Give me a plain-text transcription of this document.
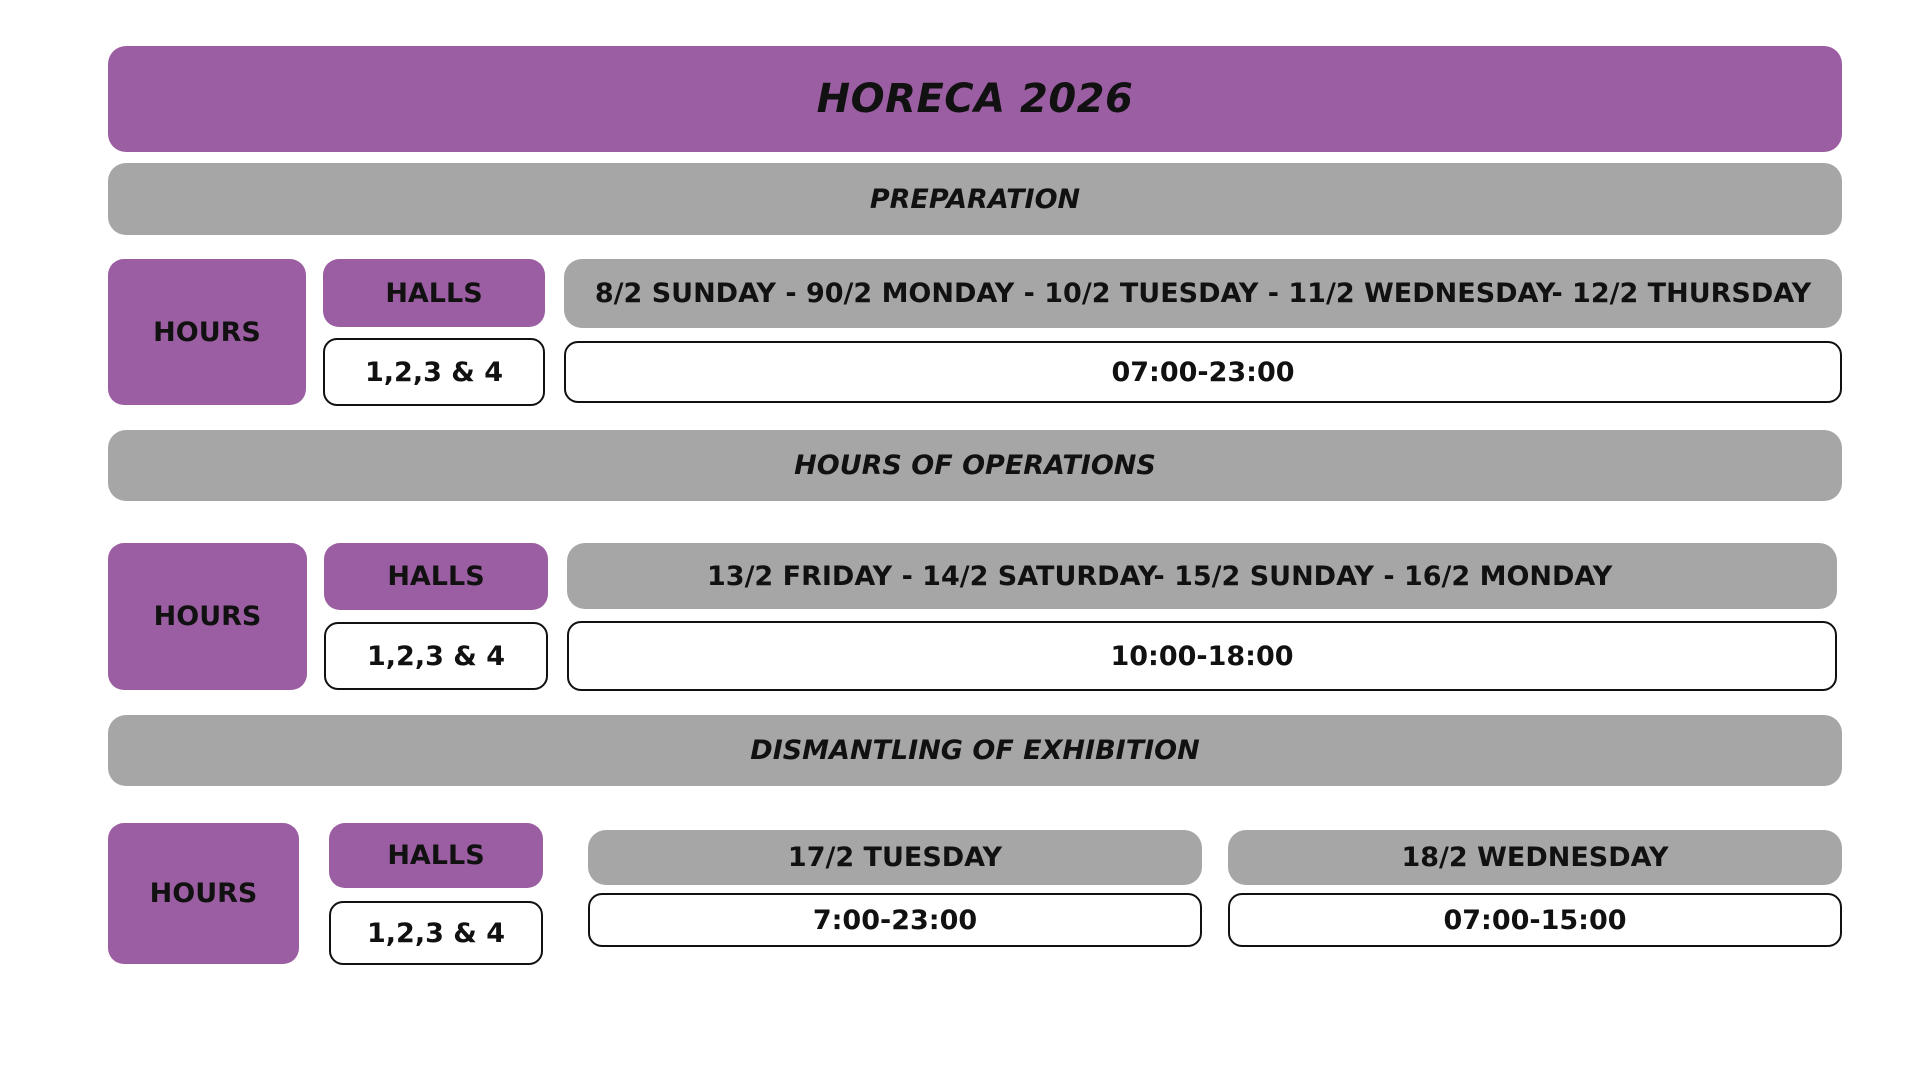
HORECA 2026
PREPARATION
HOURS
HALLS
1,2,3 & 4
8/2 SUNDAY - 90/2 MONDAY - 10/2 TUESDAY - 11/2 WEDNESDAY- 12/2 THURSDAY
07:00-23:00
HOURS OF OPERATIONS
HOURS
HALLS
1,2,3 & 4
13/2 FRIDAY - 14/2 SATURDAY- 15/2 SUNDAY - 16/2 MONDAY
10:00-18:00
DISMANTLING OF EXHIBITION
HOURS
HALLS
1,2,3 & 4
17/2 TUESDAY
7:00-23:00
18/2 WEDNESDAY
07:00-15:00
